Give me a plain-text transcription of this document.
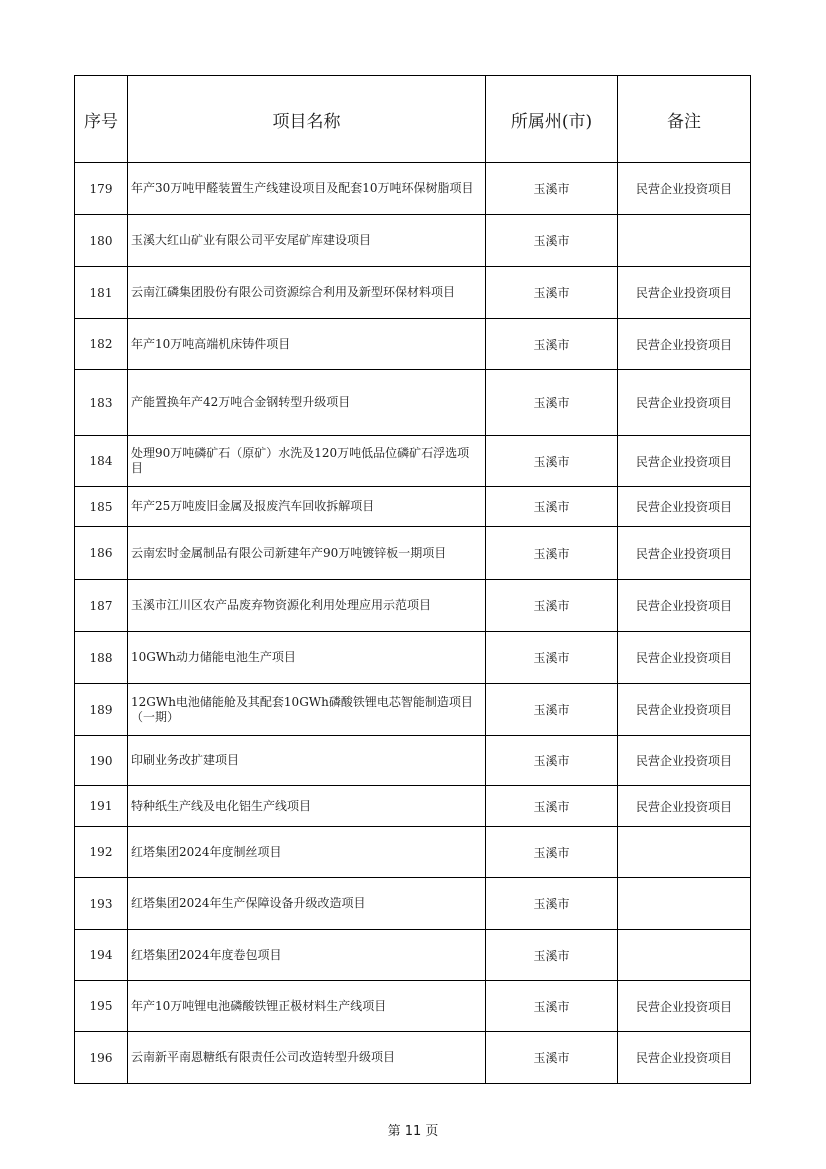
序号	项目名称	所属州(市)	备注
179	年产30万吨甲醛装置生产线建设项目及配套10万吨环保树脂项目	玉溪市	民营企业投资项目
180	玉溪大红山矿业有限公司平安尾矿库建设项目	玉溪市	
181	云南江磷集团股份有限公司资源综合利用及新型环保材料项目	玉溪市	民营企业投资项目
182	年产10万吨高端机床铸件项目	玉溪市	民营企业投资项目
183	产能置换年产42万吨合金钢转型升级项目	玉溪市	民营企业投资项目
184	处理90万吨磷矿石（原矿）水洗及120万吨低品位磷矿石浮选项目	玉溪市	民营企业投资项目
185	年产25万吨废旧金属及报废汽车回收拆解项目	玉溪市	民营企业投资项目
186	云南宏时金属制品有限公司新建年产90万吨镀锌板一期项目	玉溪市	民营企业投资项目
187	玉溪市江川区农产品废弃物资源化利用处理应用示范项目	玉溪市	民营企业投资项目
188	10GWh动力储能电池生产项目	玉溪市	民营企业投资项目
189	12GWh电池储能舱及其配套10GWh磷酸铁锂电芯智能制造项目（一期）	玉溪市	民营企业投资项目
190	印刷业务改扩建项目	玉溪市	民营企业投资项目
191	特种纸生产线及电化铝生产线项目	玉溪市	民营企业投资项目
192	红塔集团2024年度制丝项目	玉溪市	
193	红塔集团2024年生产保障设备升级改造项目	玉溪市	
194	红塔集团2024年度卷包项目	玉溪市	
195	年产10万吨锂电池磷酸铁锂正极材料生产线项目	玉溪市	民营企业投资项目
196	云南新平南恩糖纸有限责任公司改造转型升级项目	玉溪市	民营企业投资项目
第 11 页
